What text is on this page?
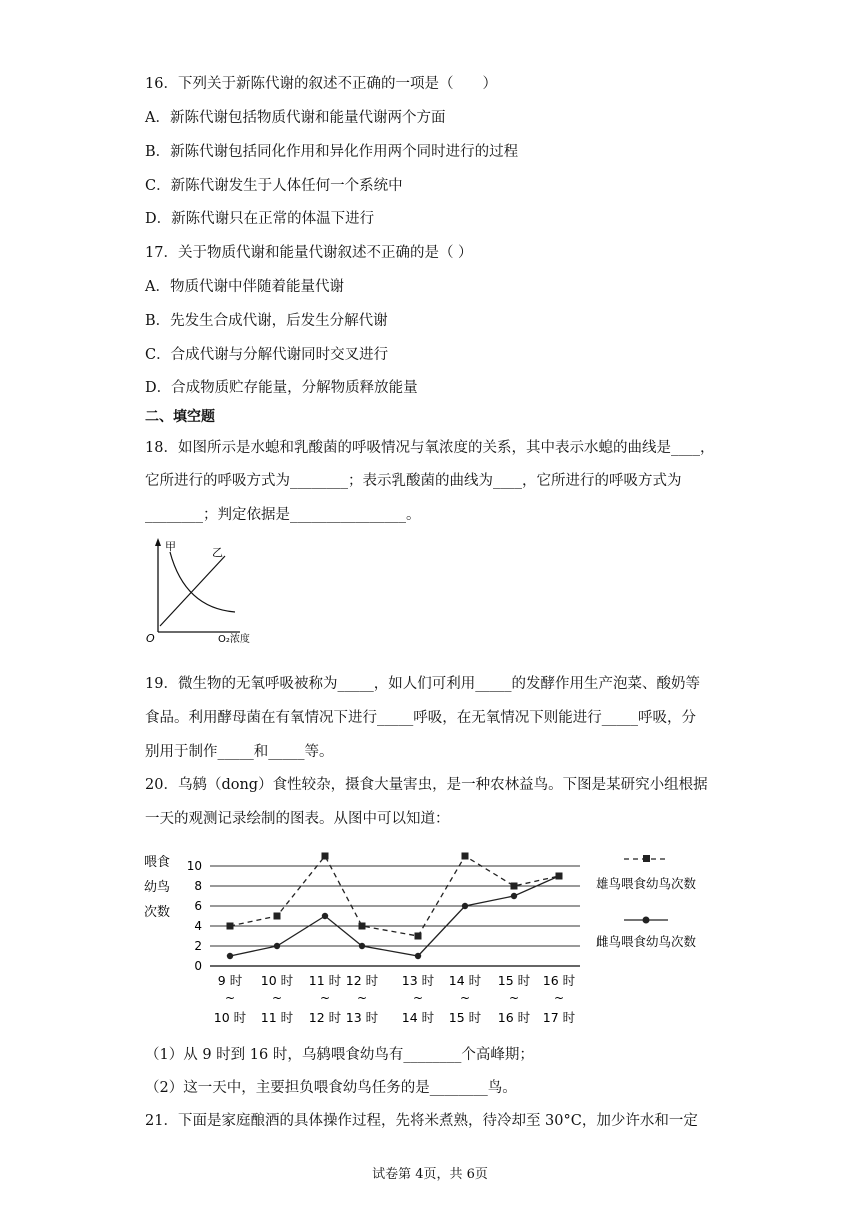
16．下列关于新陈代谢的叙述不正确的一项是（　　）
A．新陈代谢包括物质代谢和能量代谢两个方面
B．新陈代谢包括同化作用和异化作用两个同时进行的过程
C．新陈代谢发生于人体任何一个系统中
D．新陈代谢只在正常的体温下进行
17．关于物质代谢和能量代谢叙述不正确的是（ ）
A．物质代谢中伴随着能量代谢
B．先发生合成代谢，后发生分解代谢
C．合成代谢与分解代谢同时交叉进行
D．合成物质贮存能量，分解物质释放能量
二、填空题
18．如图所示是水螅和乳酸菌的呼吸情况与氧浓度的关系，其中表示水螅的曲线是____，
它所进行的呼吸方式为________；表示乳酸菌的曲线为____，它所进行的呼吸方式为
________；判定依据是________________。
甲	乙
O	O₂浓度
19．微生物的无氧呼吸被称为_____，如人们可利用_____的发酵作用生产泡菜、酸奶等
食品。利用酵母菌在有氧情况下进行_____呼吸，在无氧情况下则能进行_____呼吸，分
别用于制作_____和_____等。
20．乌鸫（dong）食性较杂，摄食大量害虫，是一种农林益鸟。下图是某研究小组根据
一天的观测记录绘制的图表。从图中可以知道：
喂食
幼鸟
次数
0
2
4
6
8
10
9 时
~
10 时
10 时
~
11 时
11 时
~
12 时
12 时
~
13 时
13 时
~
14 时
14 时
~
15 时
15 时
~
16 时
16 时
~
17 时
雄鸟喂食幼鸟次数
雌鸟喂食幼鸟次数
（1）从 9 时到 16 时，乌鸫喂食幼鸟有________个高峰期；
（2）这一天中，主要担负喂食幼鸟任务的是________鸟。
21．下面是家庭酿酒的具体操作过程，先将米煮熟，待冷却至 30°C，加少许水和一定
试卷第 4页，共 6页
